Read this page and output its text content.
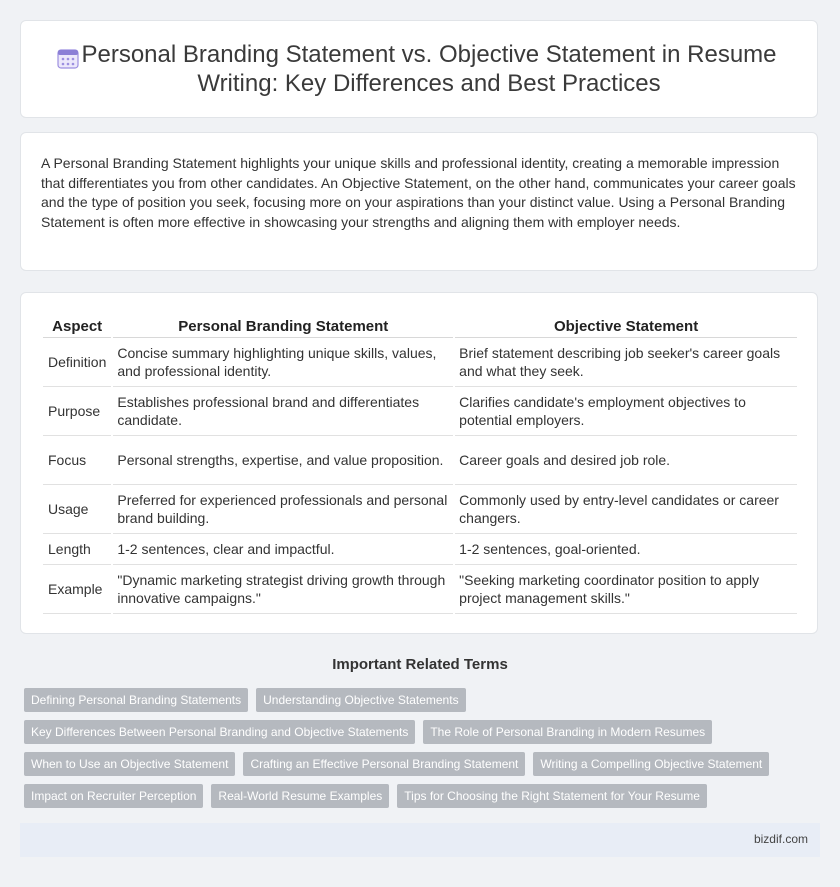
Personal Branding Statement vs. Objective Statement in Resume Writing: Key Differences and Best Practices

A Personal Branding Statement highlights your unique skills and professional identity, creating a memorable impression that differentiates you from other candidates. An Objective Statement, on the other hand, communicates your career goals and the type of position you seek, focusing more on your aspirations than your distinct value. Using a Personal Branding Statement is often more effective in showcasing your strengths and aligning them with employer needs.

Aspect	Personal Branding Statement	Objective Statement
Definition	Concise summary highlighting unique skills, values, and professional identity.	Brief statement describing job seeker's career goals and what they seek.
Purpose	Establishes professional brand and differentiates candidate.	Clarifies candidate's employment objectives to potential employers.
Focus	Personal strengths, expertise, and value proposition.	Career goals and desired job role.
Usage	Preferred for experienced professionals and personal brand building.	Commonly used by entry-level candidates or career changers.
Length	1-2 sentences, clear and impactful.	1-2 sentences, goal-oriented.
Example	"Dynamic marketing strategist driving growth through innovative campaigns."	"Seeking marketing coordinator position to apply project management skills."
Important Related Terms
Defining Personal Branding Statements	Understanding Objective Statements
Key Differences Between Personal Branding and Objective Statements	The Role of Personal Branding in Modern Resumes
When to Use an Objective Statement	Crafting an Effective Personal Branding Statement	Writing a Compelling Objective Statement
Impact on Recruiter Perception	Real-World Resume Examples	Tips for Choosing the Right Statement for Your Resume
bizdif.com
